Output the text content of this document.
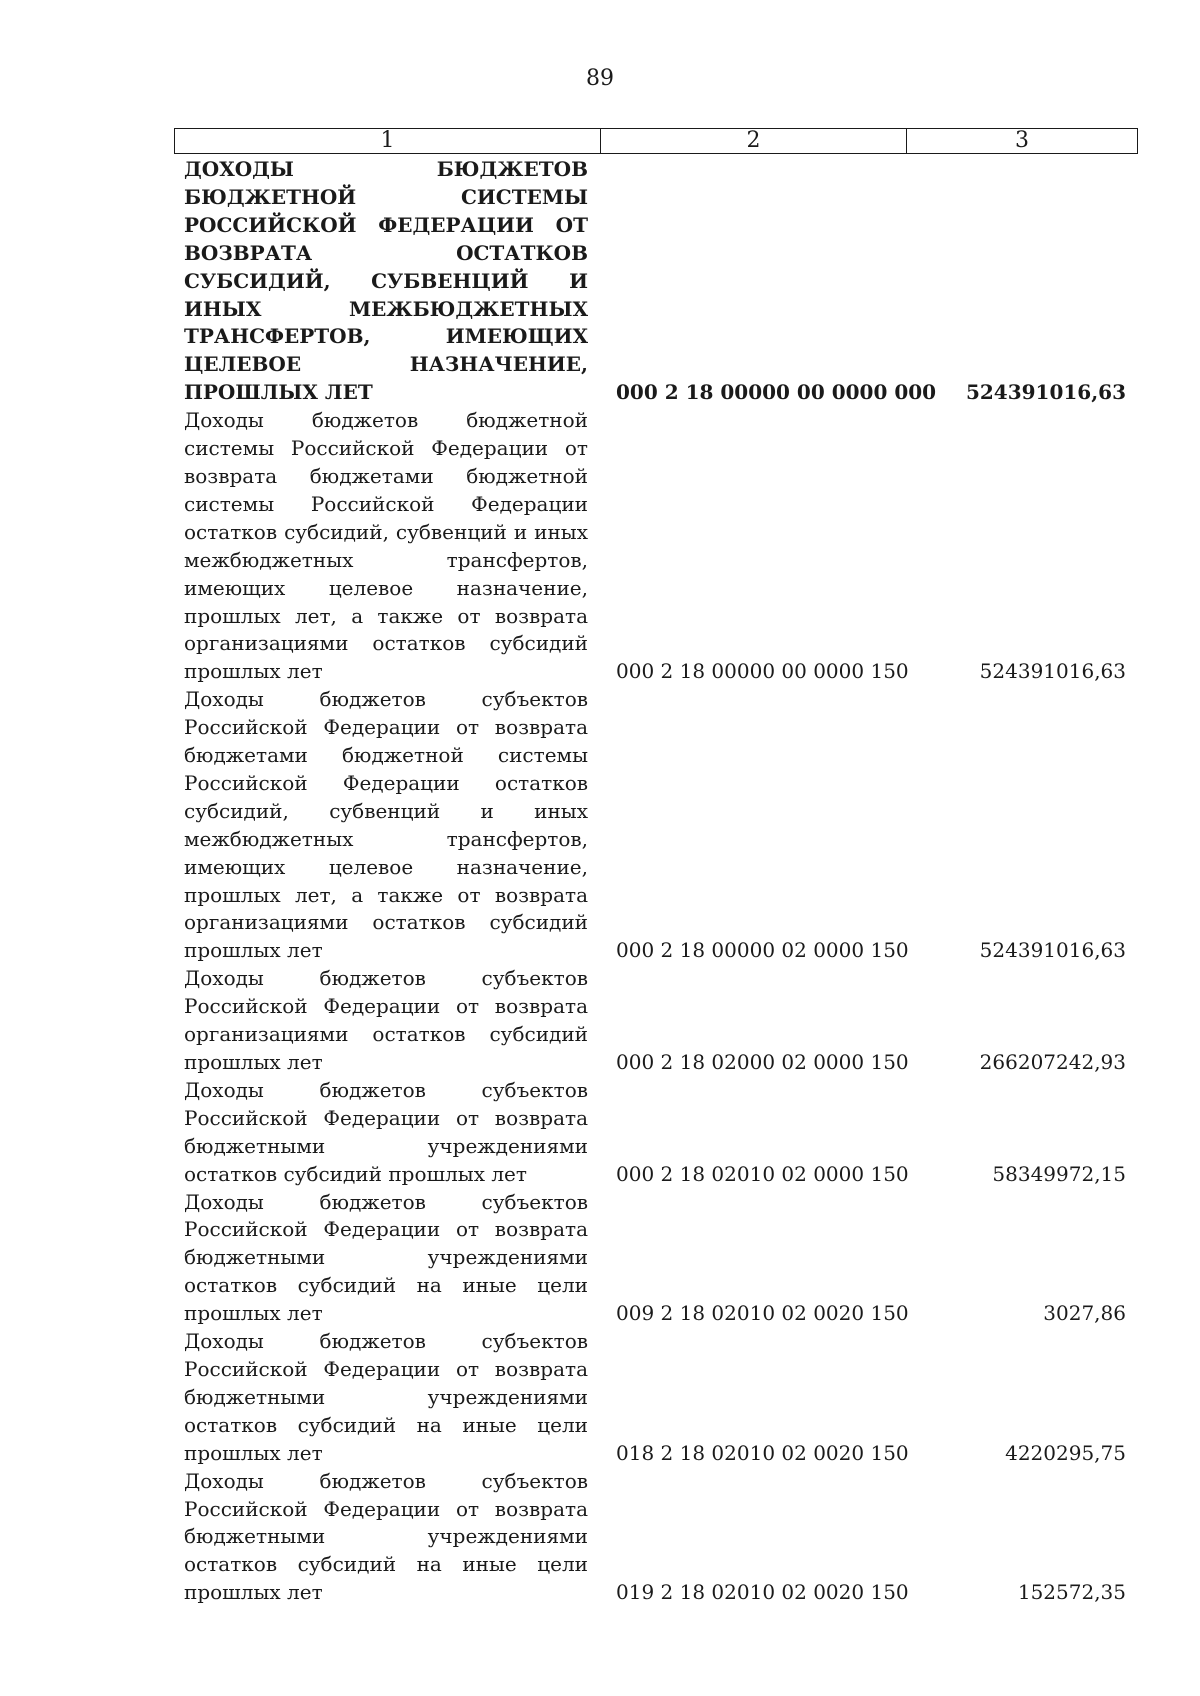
89
1	2	3
ДОХОДЫ БЮДЖЕТОВ БЮДЖЕТНОЙ СИСТЕМЫ РОССИЙСКОЙ ФЕДЕРАЦИИ ОТ ВОЗВРАТА ОСТАТКОВ СУБСИДИЙ, СУБВЕНЦИЙ И ИНЫХ МЕЖБЮДЖЕТНЫХ ТРАНСФЕРТОВ, ИМЕЮЩИХ ЦЕЛЕВОЕ НАЗНАЧЕНИЕ, ПРОШЛЫХ ЛЕТ	000 2 18 00000 00 0000 000	524391016,63
Доходы бюджетов бюджетной системы Российской Федерации от возврата бюджетами бюджетной системы Российской Федерации остатков субсидий, субвенций и иных межбюджетных трансфертов, имеющих целевое назначение, прошлых лет, а также от возврата организациями остатков субсидий прошлых лет	000 2 18 00000 00 0000 150	524391016,63
Доходы бюджетов субъектов Российской Федерации от возврата бюджетами бюджетной системы Российской Федерации остатков субсидий, субвенций и иных межбюджетных трансфертов, имеющих целевое назначение, прошлых лет, а также от возврата организациями остатков субсидий прошлых лет	000 2 18 00000 02 0000 150	524391016,63
Доходы бюджетов субъектов Российской Федерации от возврата организациями остатков субсидий прошлых лет	000 2 18 02000 02 0000 150	266207242,93
Доходы бюджетов субъектов Российской Федерации от возврата бюджетными учреждениями остатков субсидий прошлых лет	000 2 18 02010 02 0000 150	58349972,15
Доходы бюджетов субъектов Российской Федерации от возврата бюджетными учреждениями остатков субсидий на иные цели прошлых лет	009 2 18 02010 02 0020 150	3027,86
Доходы бюджетов субъектов Российской Федерации от возврата бюджетными учреждениями остатков субсидий на иные цели прошлых лет	018 2 18 02010 02 0020 150	4220295,75
Доходы бюджетов субъектов Российской Федерации от возврата бюджетными учреждениями остатков субсидий на иные цели прошлых лет	019 2 18 02010 02 0020 150	152572,35
